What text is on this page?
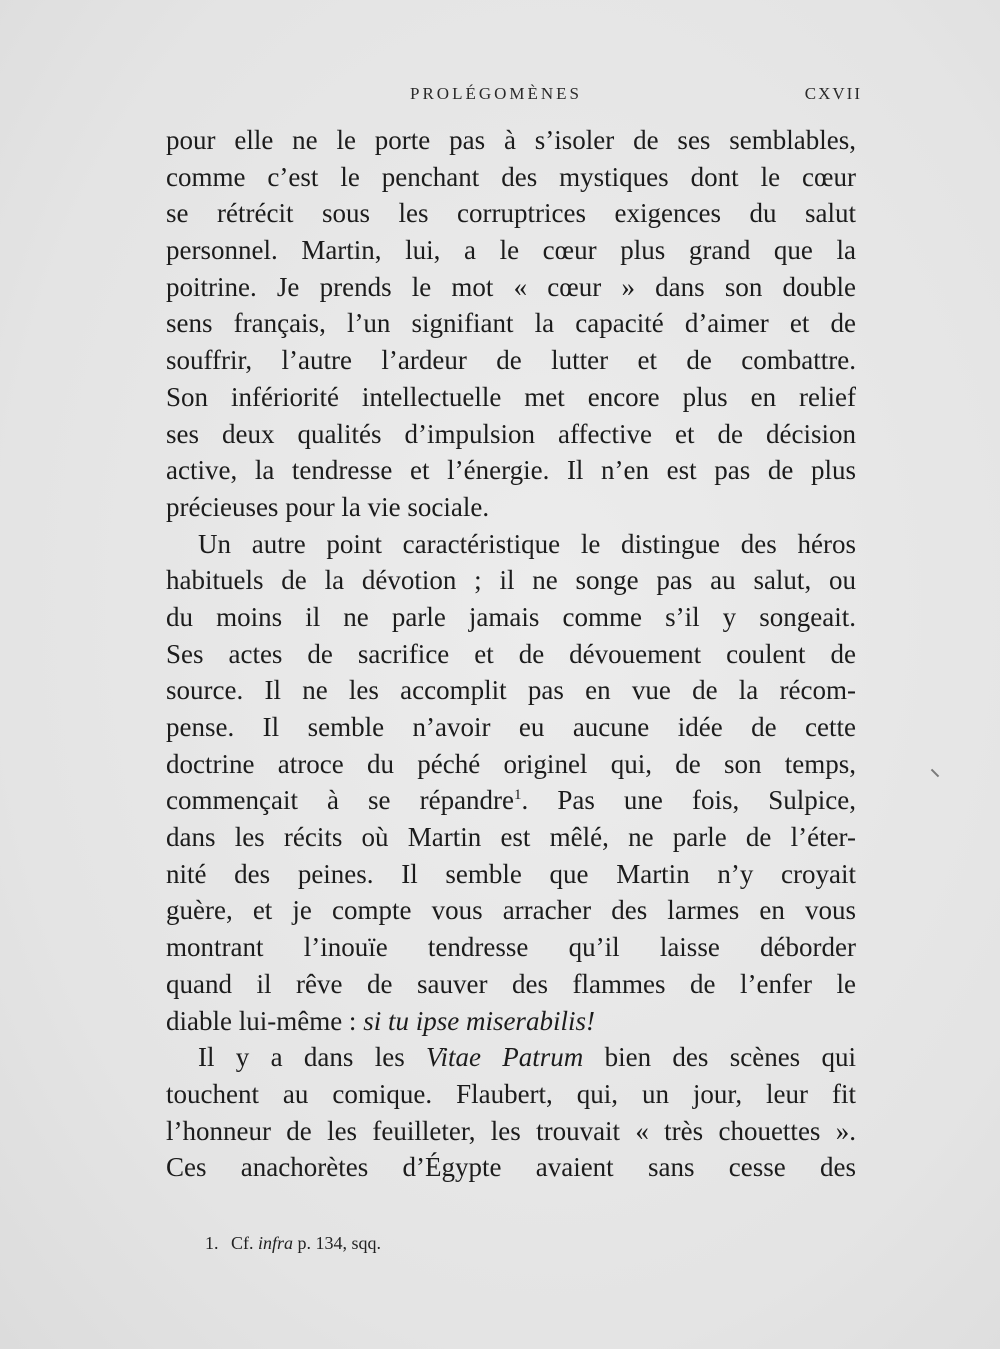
PROLÉGOMÈNES	CXVII
pour elle ne le porte pas à s’isoler de ses semblables,
comme c’est le penchant des mystiques dont le cœur
se rétrécit sous les corruptrices exigences du salut
personnel. Martin, lui, a le cœur plus grand que la
poitrine. Je prends le mot « cœur » dans son double
sens français, l’un signifiant la capacité d’aimer et de
souffrir, l’autre l’ardeur de lutter et de combattre.
Son infériorité intellectuelle met encore plus en relief
ses deux qualités d’impulsion affective et de décision
active, la tendresse et l’énergie. Il n’en est pas de plus
précieuses pour la vie sociale.
Un autre point caractéristique le distingue des héros
habituels de la dévotion ; il ne songe pas au salut, ou
du moins il ne parle jamais comme s’il y songeait.
Ses actes de sacrifice et de dévouement coulent de
source. Il ne les accomplit pas en vue de la récom-
pense. Il semble n’avoir eu aucune idée de cette
doctrine atroce du péché originel qui, de son temps,
commençait à se répandre$^1$. Pas une fois, Sulpice,
dans les récits où Martin est mêlé, ne parle de l’éter-
nité des peines. Il semble que Martin n’y croyait
guère, et je compte vous arracher des larmes en vous
montrant l’inouïe tendresse qu’il laisse déborder
quand il rêve de sauver des flammes de l’enfer le
diable lui-même : si tu ipse miserabilis!
Il y a dans les Vitae Patrum bien des scènes qui
touchent au comique. Flaubert, qui, un jour, leur fit
l’honneur de les feuilleter, les trouvait « très chouettes ».
Ces anachorètes d’Égypte avaient sans cesse des
1. Cf. infra p. 134, sqq.
